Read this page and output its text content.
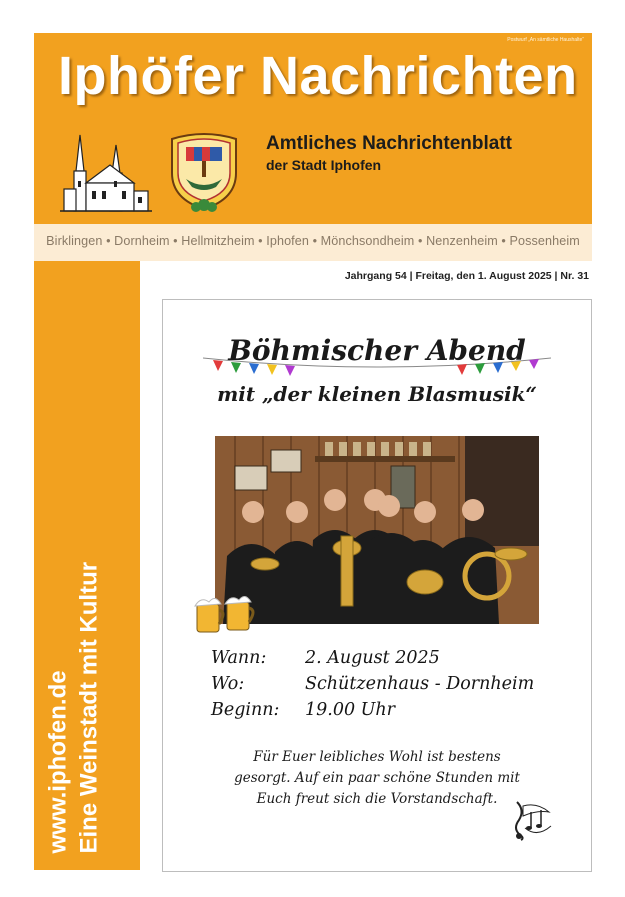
Postwurf „An sämtliche Haushalte“
Iphöfer Nachrichten
Amtliches Nachrichtenblatt
der Stadt Iphofen
Birklingen • Dornheim • Hellmitzheim • Iphofen • Mönchsondheim • Nenzenheim • Possenheim
www.iphofen.de Eine Weinstadt mit Kultur
Jahrgang 54 | Freitag, den 1. August 2025 | Nr. 31
Böhmischer Abend
mit „der kleinen Blasmusik“
Wann: 2. August 2025
Wo:	Schützenhaus - Dornheim
Beginn: 19.00 Uhr
Für Euer leibliches Wohl ist bestens
gesorgt. Auf ein paar schöne Stunden mit
Euch freut sich die Vorstandschaft.
